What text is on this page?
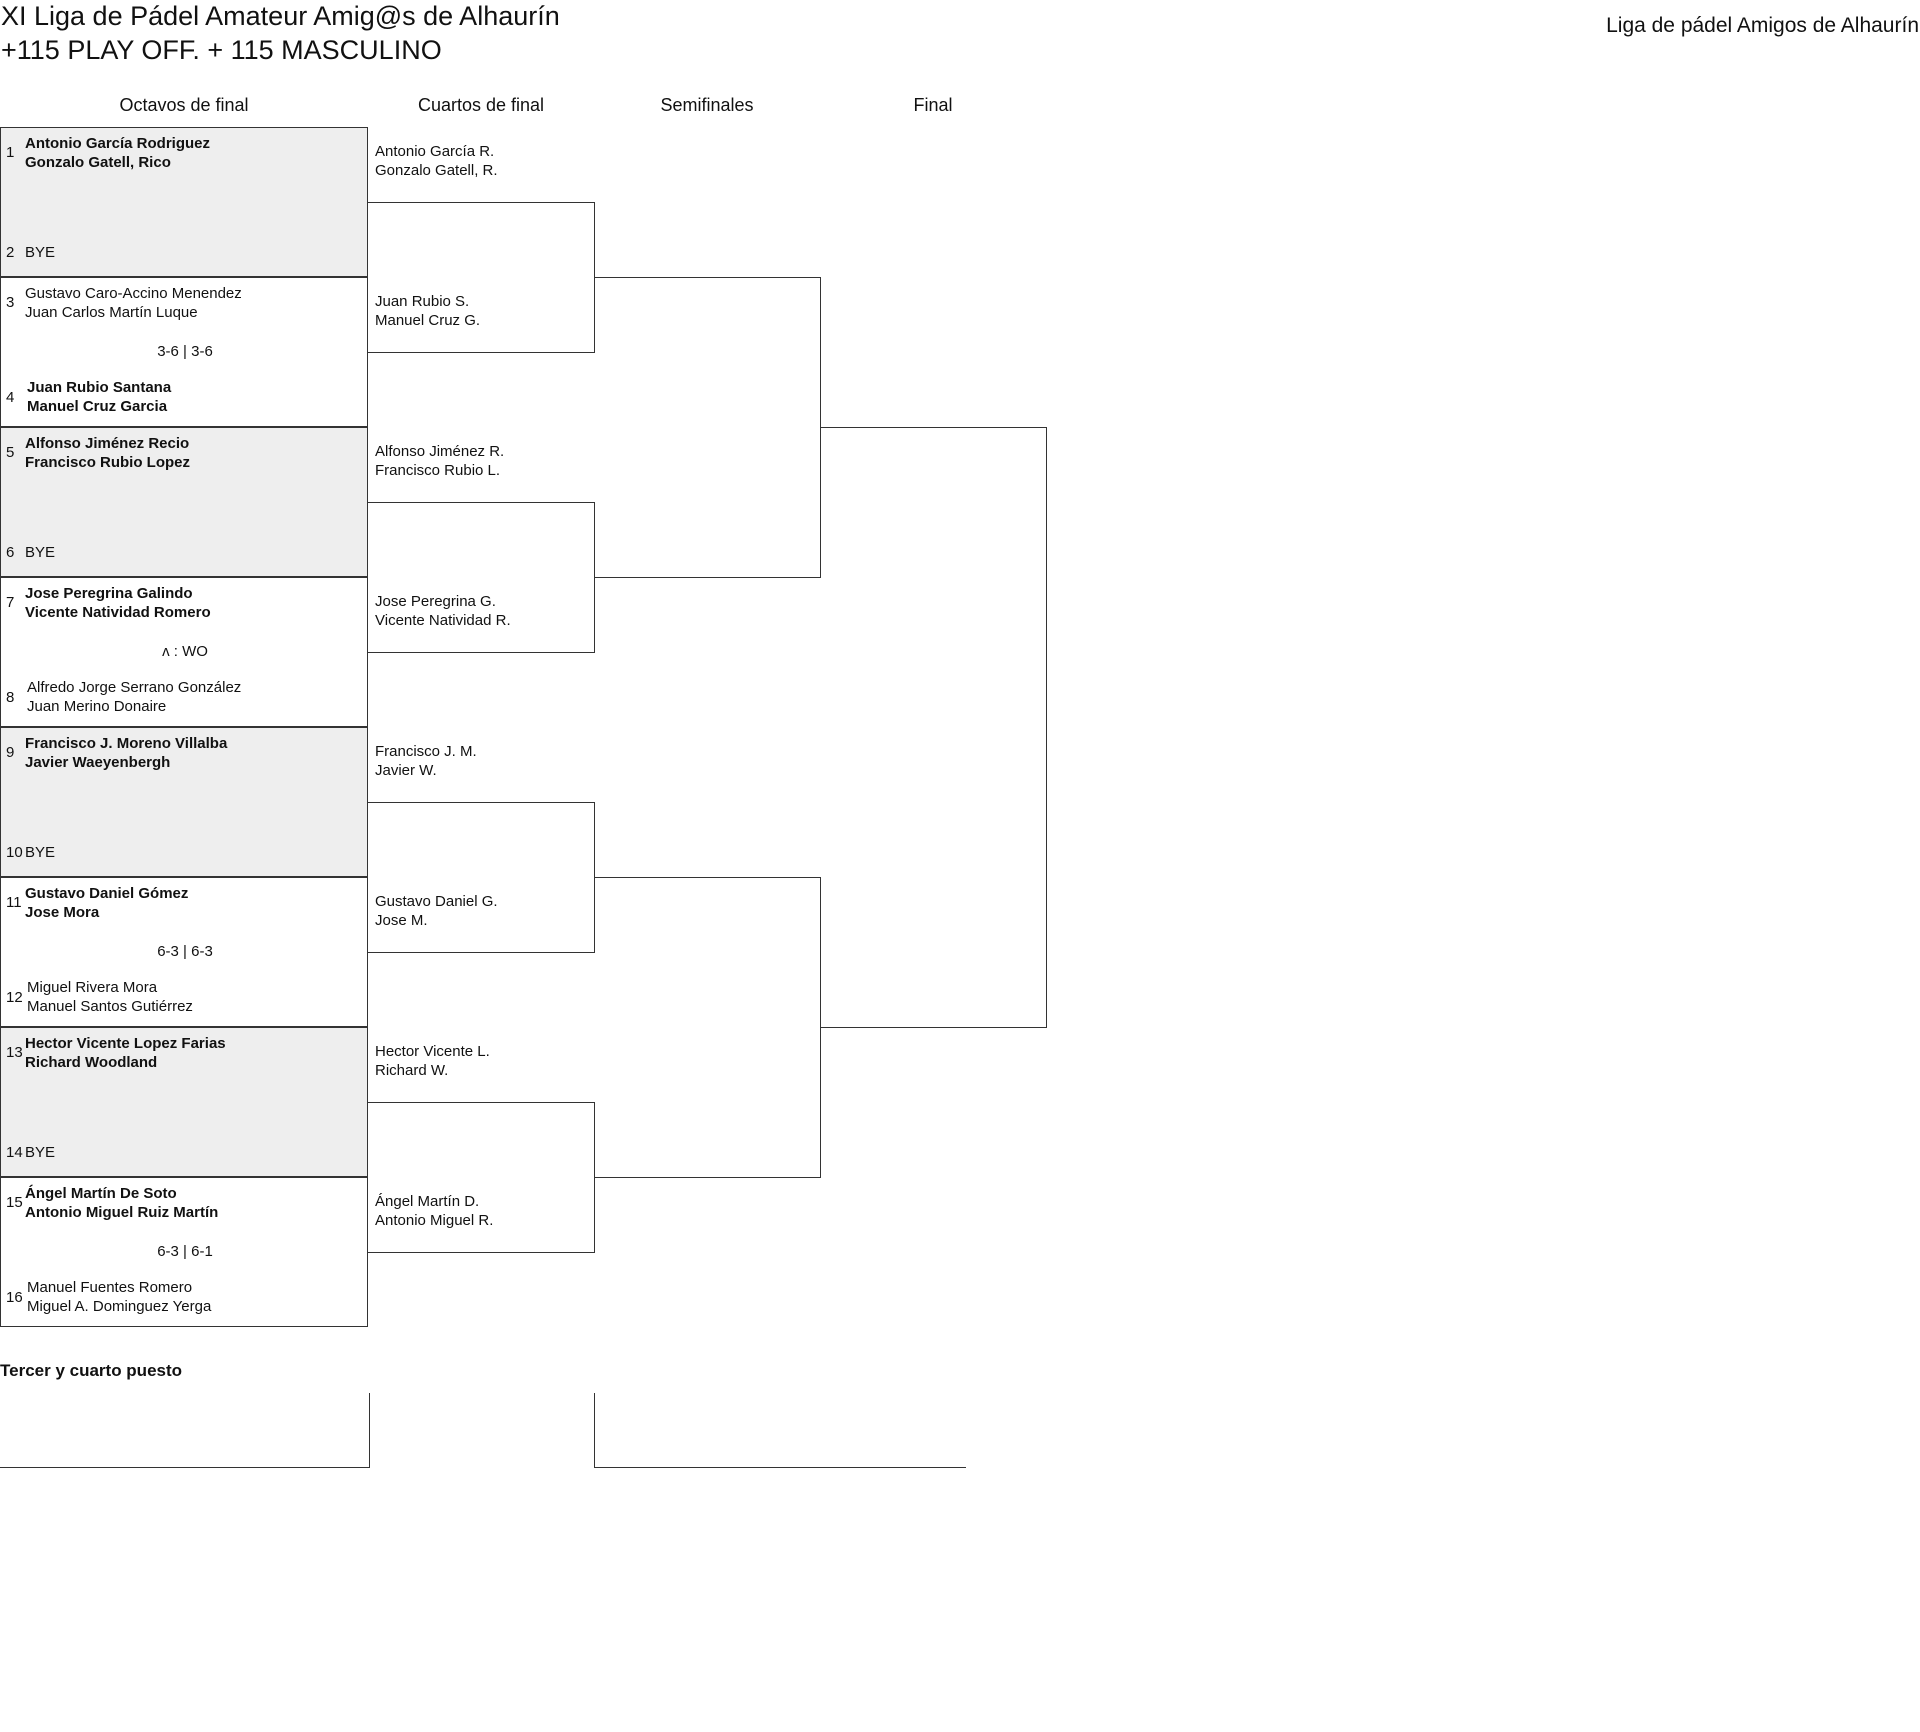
XI Liga de Pádel Amateur Amig@s de Alhaurín
+115 PLAY OFF. + 115 MASCULINO
Liga de pádel Amigos de Alhaurín
Octavos de final	Cuartos de final	Semifinales	Final
1
Antonio García Rodriguez
Gonzalo Gatell, Rico
2 BYE
3
Gustavo Caro-Accino Menendez
Juan Carlos Martín Luque
4
Juan Rubio Santana
Manuel Cruz Garcia
3-6 | 3-6
5
Alfonso Jiménez Recio
Francisco Rubio Lopez
6 BYE
7
Jose Peregrina Galindo
Vicente Natividad Romero
8
Alfredo Jorge Serrano González
Juan Merino Donaire
ʌ : WO
9
Francisco J. Moreno Villalba
Javier Waeyenbergh
10 BYE
11
Gustavo Daniel Gómez
Jose Mora
12
Miguel Rivera Mora
Manuel Santos Gutiérrez
6-3 | 6-3
13
Hector Vicente Lopez Farias
Richard Woodland
14 BYE
15
Ángel Martín De Soto
Antonio Miguel Ruiz Martín
16
Manuel Fuentes Romero
Miguel A. Dominguez Yerga
6-3 | 6-1
Antonio García R.
Gonzalo Gatell, R.
Juan Rubio S.
Manuel Cruz G.
Alfonso Jiménez R.
Francisco Rubio L.
Jose Peregrina G.
Vicente Natividad R.
Francisco J. M.
Javier W.
Gustavo Daniel G.
Jose M.
Hector Vicente L.
Richard W.
Ángel Martín D.
Antonio Miguel R.
Tercer y cuarto puesto
